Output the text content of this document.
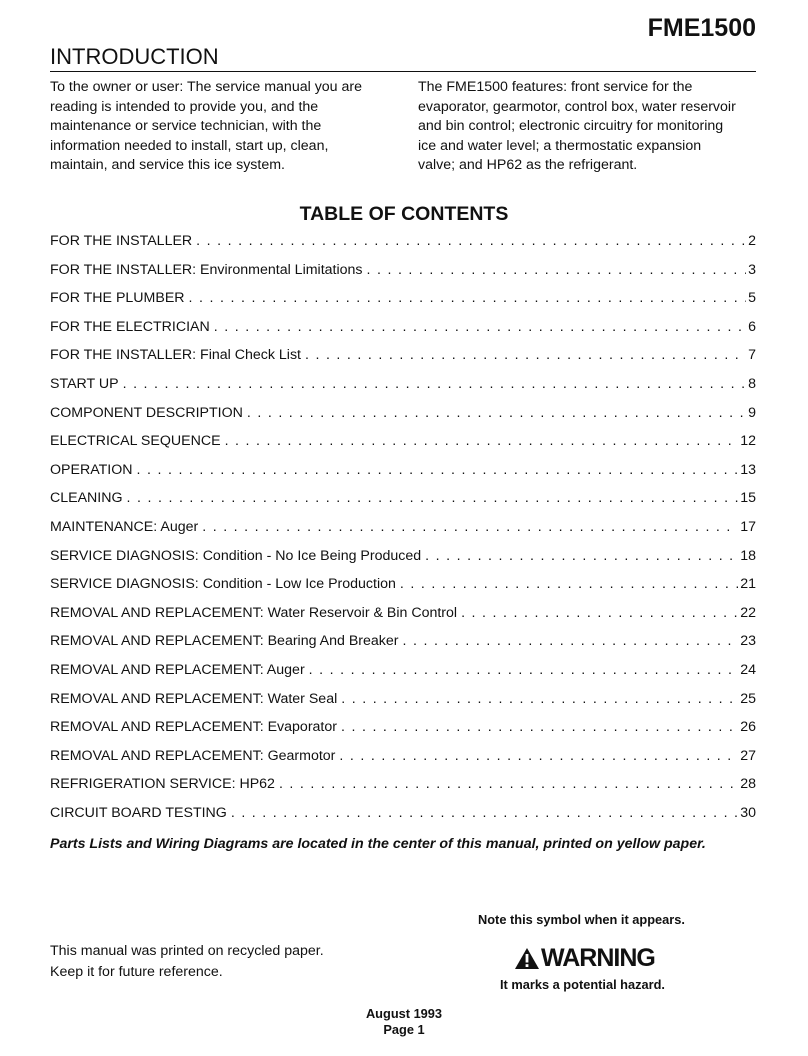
FME1500
INTRODUCTION
To the owner or user: The service manual you are
reading is intended to provide you, and the
maintenance or service technician, with the
information needed to install, start up, clean,
maintain, and service this ice system.
The FME1500 features: front service for the
evaporator, gearmotor, control box, water reservoir
and bin control; electronic circuitry for monitoring
ice and water level; a thermostatic expansion
valve; and HP62 as the refrigerant.
TABLE OF CONTENTS
FOR THE INSTALLER . . .	2
FOR THE INSTALLER: Environmental Limitations . . .	3
FOR THE PLUMBER . . .	5
FOR THE ELECTRICIAN . . .	6
FOR THE INSTALLER: Final Check List . . .	7
START UP . . .	8
COMPONENT DESCRIPTION . . .	9
ELECTRICAL SEQUENCE . . .	12
OPERATION . . .	13
CLEANING . . .	15
MAINTENANCE: Auger . . .	17
SERVICE DIAGNOSIS: Condition - No Ice Being Produced . . .	18
SERVICE DIAGNOSIS: Condition - Low Ice Production . . .	21
REMOVAL AND REPLACEMENT: Water Reservoir & Bin Control . . .	22
REMOVAL AND REPLACEMENT: Bearing And Breaker . . .	23
REMOVAL AND REPLACEMENT: Auger . . .	24
REMOVAL AND REPLACEMENT: Water Seal . . .	25
REMOVAL AND REPLACEMENT: Evaporator . . .	26
REMOVAL AND REPLACEMENT: Gearmotor . . .	27
REFRIGERATION SERVICE: HP62 . . .	28
CIRCUIT BOARD TESTING . . .	30
Parts Lists and Wiring Diagrams are located in the center of this manual, printed on yellow paper.
This manual was printed on recycled paper.
Keep it for future reference.
Note this symbol when it appears.
WARNING
It marks a potential hazard.
August 1993
Page 1
